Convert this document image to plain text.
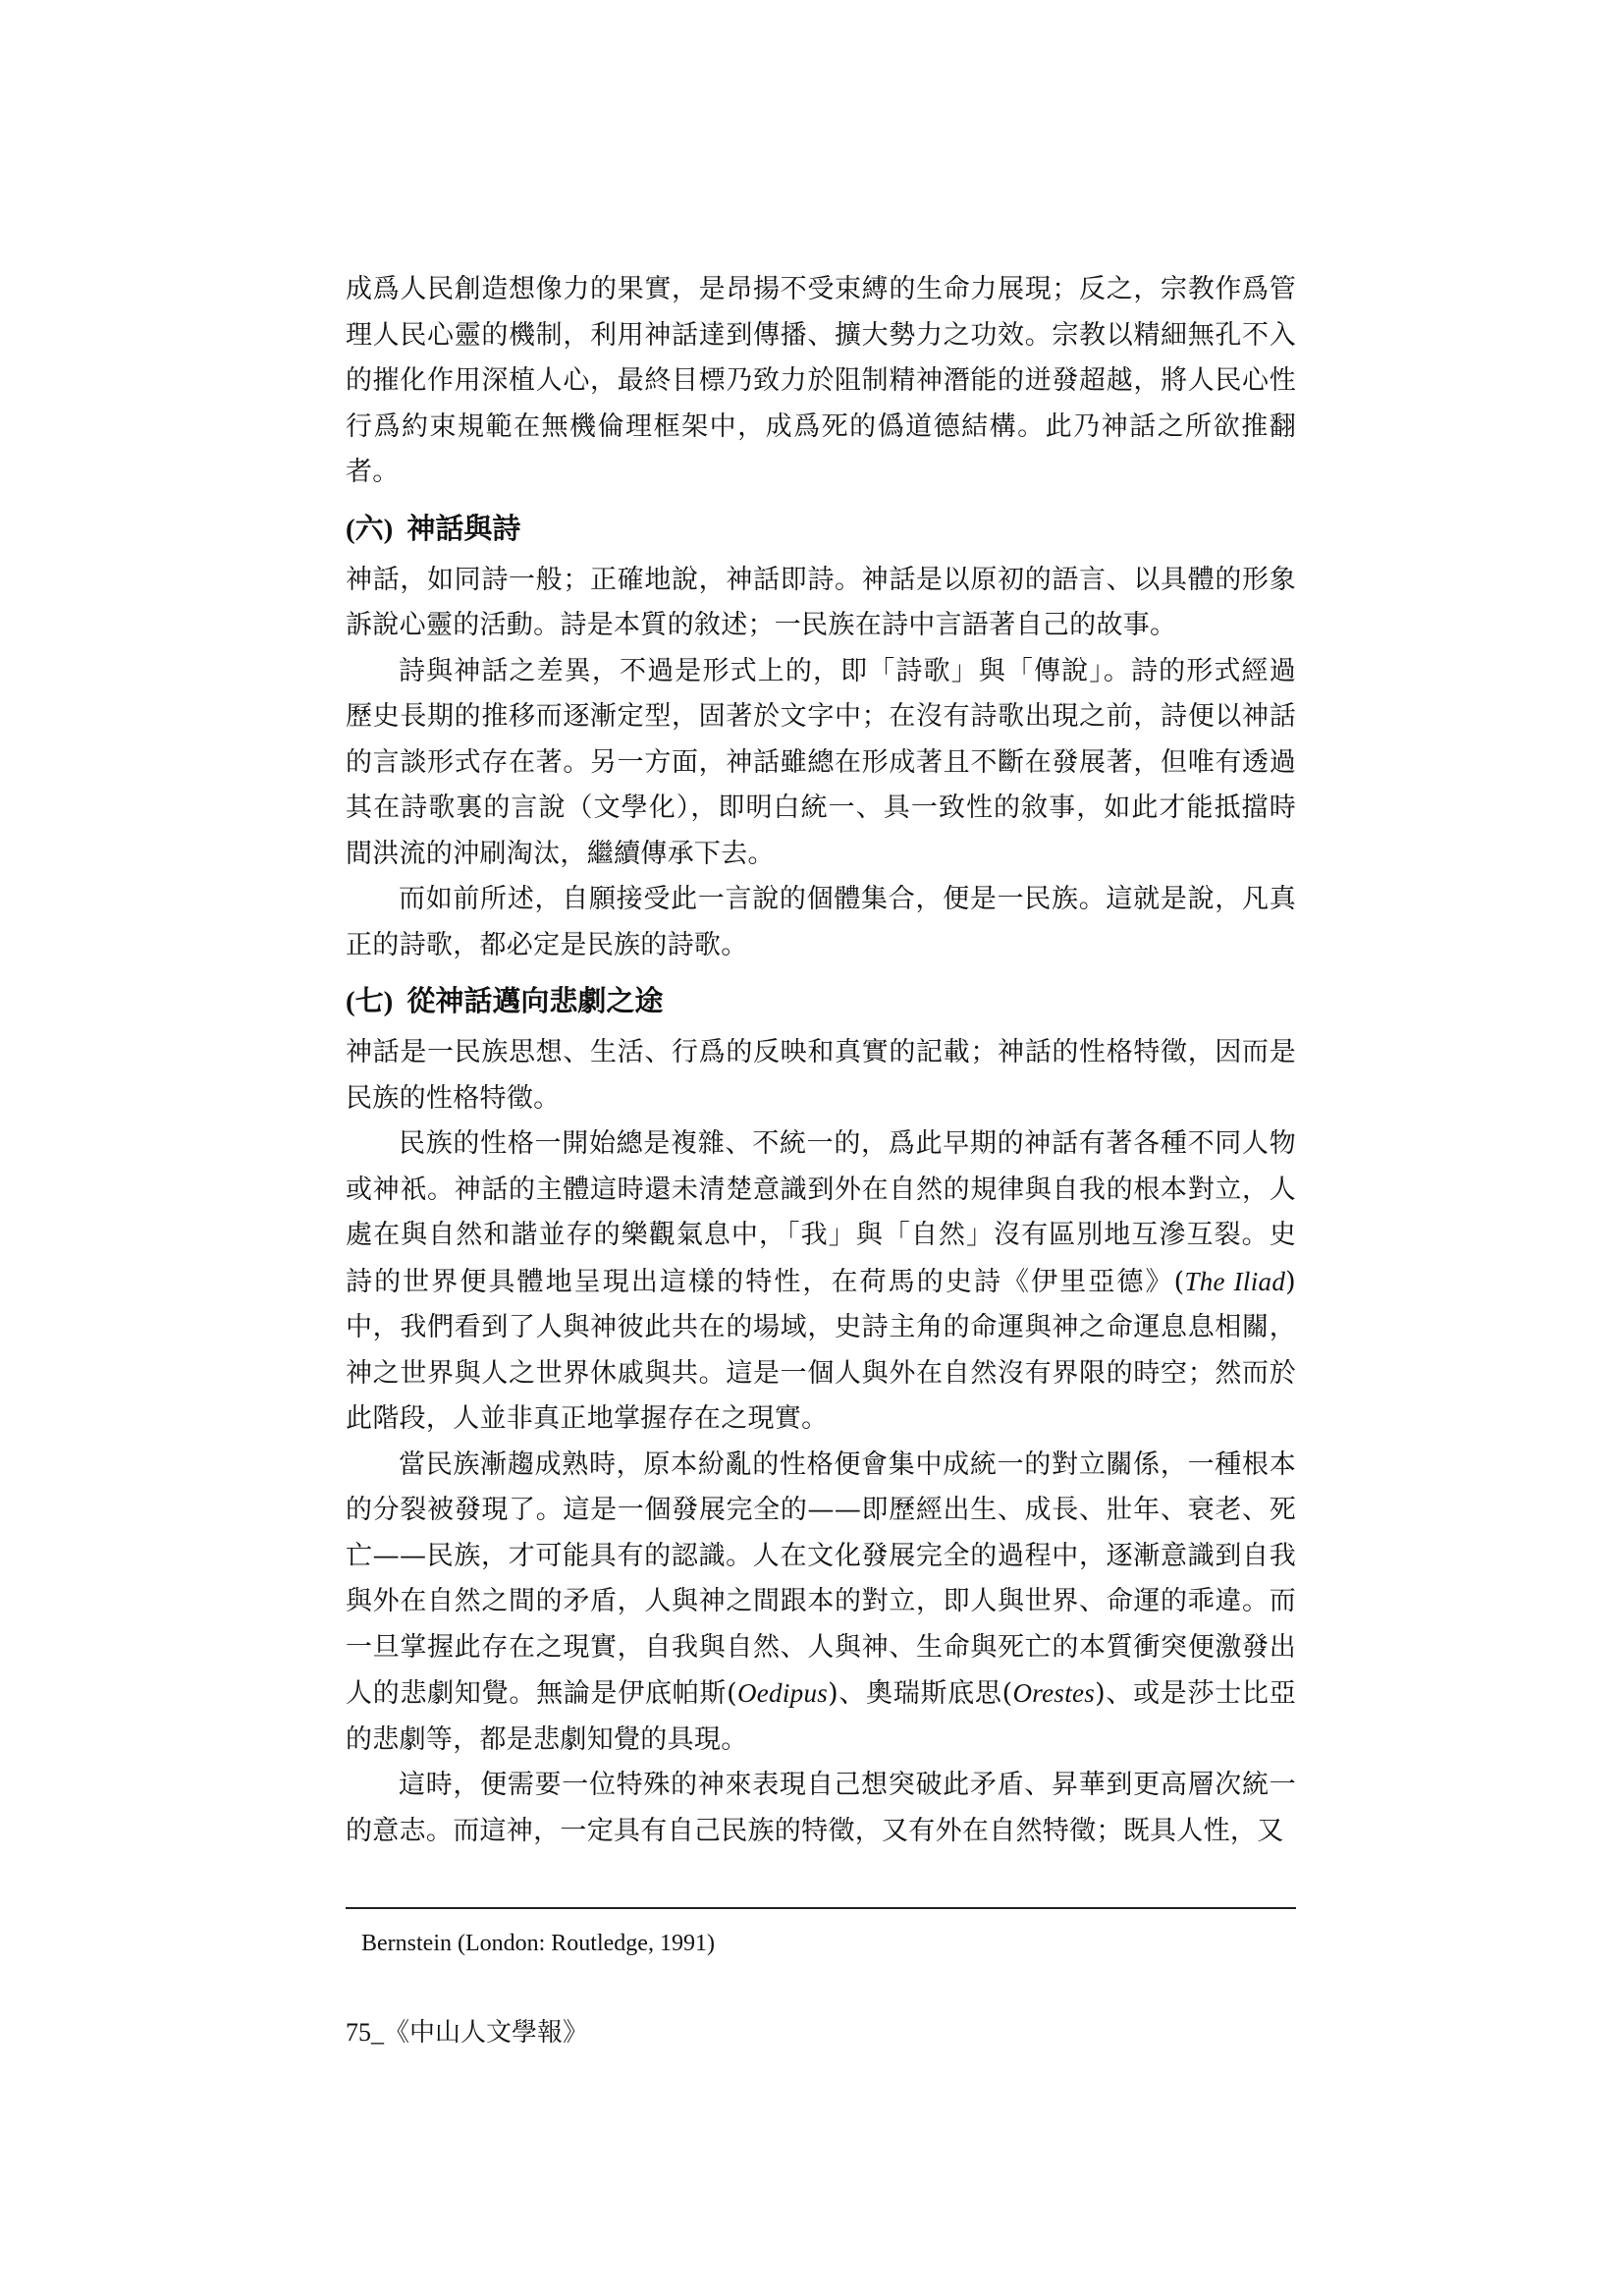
成爲人民創造想像力的果實，是昂揚不受束縛的生命力展現；反之，宗教作爲管理人民心靈的機制，利用神話達到傳播、擴大勢力之功效。宗教以精細無孔不入的摧化作用深植人心，最終目標乃致力於阻制精神潛能的迸發超越，將人民心性行爲約束規範在無機倫理框架中，成爲死的僞道德結構。此乃神話之所欲推翻者。

(六) 神話與詩

神話，如同詩一般；正確地說，神話即詩。神話是以原初的語言、以具體的形象訴說心靈的活動。詩是本質的敘述；一民族在詩中言語著自己的故事。

詩與神話之差異，不過是形式上的，即「詩歌」與「傳說」。詩的形式經過歷史長期的推移而逐漸定型，固著於文字中；在沒有詩歌出現之前，詩便以神話的言談形式存在著。另一方面，神話雖總在形成著且不斷在發展著，但唯有透過其在詩歌裏的言說（文學化），即明白統一、具一致性的敘事，如此才能抵擋時間洪流的沖刷淘汰，繼續傳承下去。

而如前所述，自願接受此一言說的個體集合，便是一民族。這就是說，凡真正的詩歌，都必定是民族的詩歌。

(七) 從神話邁向悲劇之途

神話是一民族思想、生活、行爲的反映和真實的記載；神話的性格特徵，因而是民族的性格特徵。

民族的性格一開始總是複雜、不統一的，爲此早期的神話有著各種不同人物或神祇。神話的主體這時還未清楚意識到外在自然的規律與自我的根本對立，人處在與自然和諧並存的樂觀氣息中，「我」與「自然」沒有區別地互滲互裂。史詩的世界便具體地呈現出這樣的特性，在荷馬的史詩《伊里亞德》(The Iliad)中，我們看到了人與神彼此共在的場域，史詩主角的命運與神之命運息息相關，神之世界與人之世界休戚與共。這是一個人與外在自然沒有界限的時空；然而於此階段，人並非真正地掌握存在之現實。

當民族漸趨成熟時，原本紛亂的性格便會集中成統一的對立關係，一種根本的分裂被發現了。這是一個發展完全的——即歷經出生、成長、壯年、衰老、死亡——民族，才可能具有的認識。人在文化發展完全的過程中，逐漸意識到自我與外在自然之間的矛盾，人與神之間跟本的對立，即人與世界、命運的乖違。而一旦掌握此存在之現實，自我與自然、人與神、生命與死亡的本質衝突便激發出人的悲劇知覺。無論是伊底帕斯(Oedipus)、奧瑞斯底思(Orestes)、或是莎士比亞的悲劇等，都是悲劇知覺的具現。

這時，便需要一位特殊的神來表現自己想突破此矛盾、昇華到更高層次統一的意志。而這神，一定具有自己民族的特徵，又有外在自然特徵；既具人性，又

Bernstein (London: Routledge, 1991)
75_《中山人文學報》
